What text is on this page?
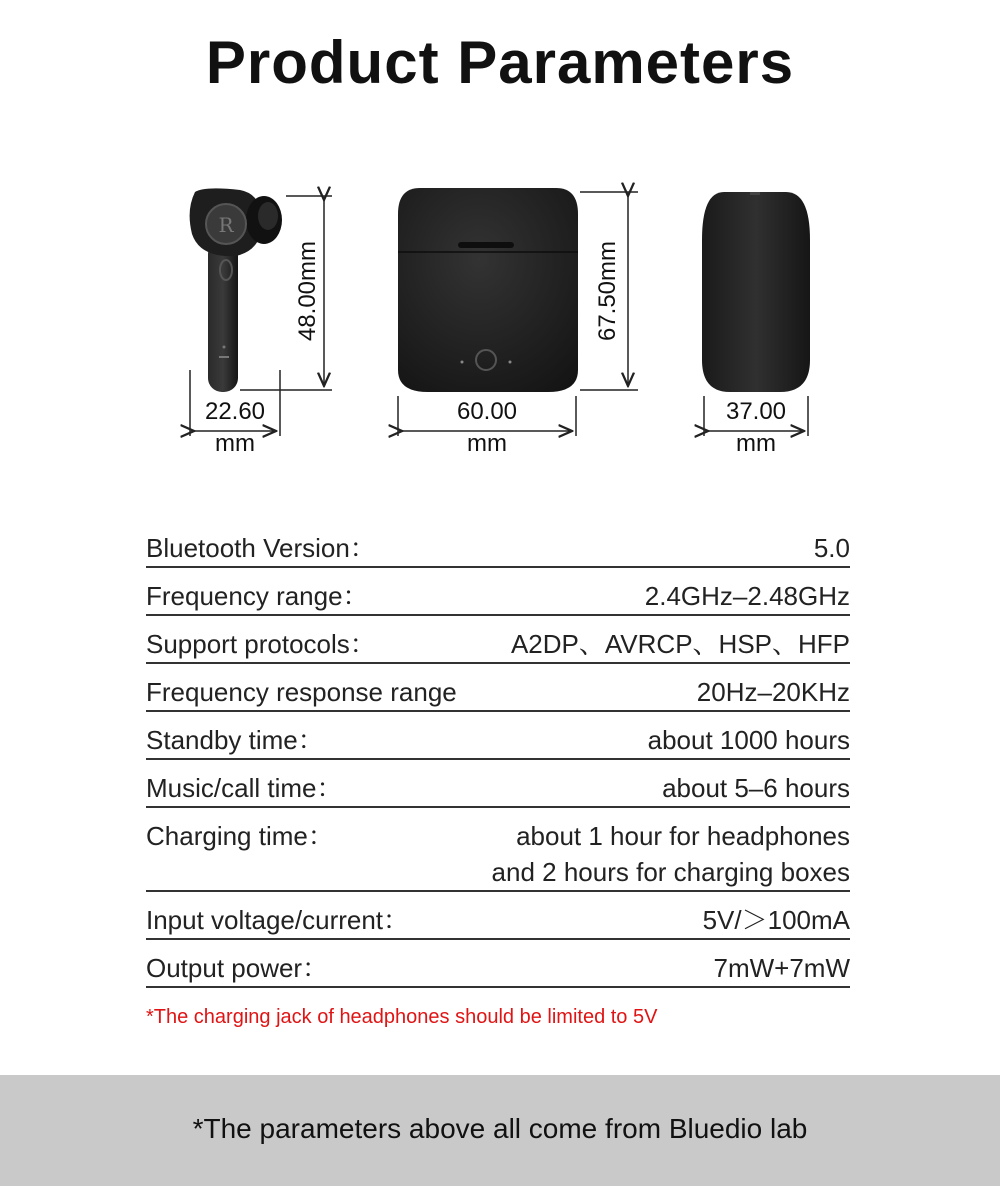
Product Parameters
R
48.00mm	67.50mm
22.60
mm
60.00
mm
37.00
mm
Bluetooth Version：	5.0
Frequency range：	2.4GHz–2.48GHz
Support protocols：	A2DP、AVRCP、HSP、HFP
Frequency response range	20Hz–20KHz
Standby time：	about 1000 hours
Music/call time：	about 5–6 hours
Charging time：	about 1 hour for headphones
and 2 hours for charging boxes
Input voltage/current：	5V/＞100mA
Output power：	7mW+7mW
*The charging jack of headphones should be limited to 5V
*The parameters above all come from Bluedio lab
